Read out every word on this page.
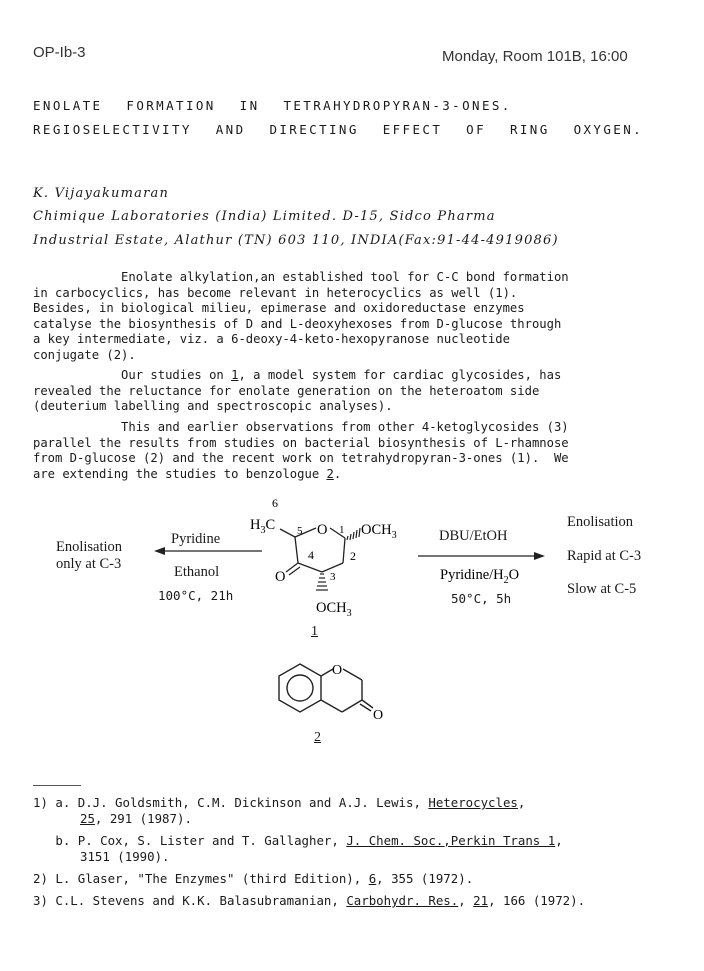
OP-Ib-3	Monday, Room 101B, 16:00
ENOLATE FORMATION IN TETRAHYDROPYRAN-3-ONES.
REGIOSELECTIVITY AND DIRECTING EFFECT OF RING OXYGEN.
K. Vijayakumaran
Chimique Laboratories (India) Limited. D-15, Sidco Pharma
Industrial Estate, Alathur (TN) 603 110, INDIA(Fax:91-44-4919086)
Enolate alkylation,an established tool for C-C bond formation
in carbocyclics, has become relevant in heterocyclics as well (1).
Besides, in biological milieu, epimerase and oxidoreductase enzymes
catalyse the biosynthesis of D and L-deoxyhexoses from D-glucose through
a key intermediate, viz. a 6-deoxy-4-keto-hexopyranose nucleotide
conjugate (2).
Our studies on 1, a model system for cardiac glycosides, has
revealed the reluctance for enolate generation on the heteroatom side
(deuterium labelling and spectroscopic analyses).
This and earlier observations from other 4-ketoglycosides (3)
parallel the results from studies on bacterial biosynthesis of L-rhamnose
from D-glucose (2) and the recent work on tetrahydropyran-3-ones (1).  We
are extending the studies to benzologue 2.
Enolisation
only at C-3
Pyridine
Ethanol
100°C, 21h
DBU/EtOH
50°C, 5h
Enolisation
Rapid at C-3
Slow at C-5
Pyridine/$H_2O$
6
$H_3C$ 5 O 1 $OCH_3$
4	2
3
O
$OCH_3$
O
O
1
2
1) a. D.J. Goldsmith, C.M. Dickinson and A.J. Lewis, Heterocycles,
25, 291 (1987).
b. P. Cox, S. Lister and T. Gallagher, J. Chem. Soc.,Perkin Trans 1,
3151 (1990).
2) L. Glaser, "The Enzymes" (third Edition), 6, 355 (1972).
3) C.L. Stevens and K.K. Balasubramanian, Carbohydr. Res., 21, 166 (1972).
